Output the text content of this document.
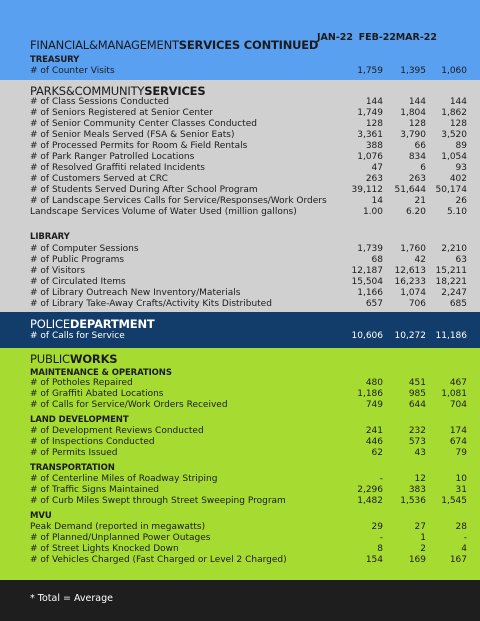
JAN-22 FEB-22 MAR-22
FINANCIAL&MANAGEMENTSERVICES CONTINUED
TREASURY
# of Counter Visits	1,759	1,395	1,060
PARKS&COMMUNITYSERVICES
# of Class Sessions Conducted	144	144	144
# of Seniors Registered at Senior Center	1,749	1,804	1,862
# of Senior Community Center Classes Conducted	128	128	128
# of Senior Meals Served (FSA & Senior Eats)	3,361	3,790	3,520
# of Processed Permits for Room & Field Rentals	388	66	89
# of Park Ranger Patrolled Locations	1,076	834	1,054
# of Resolved Graffiti related Incidents	47	6	93
# of Customers Served at CRC	263	263	402
# of Students Served During After School Program	39,112	51,644	50,174
# of Landscape Services Calls for Service/Responses/Work Orders	14	21	26
Landscape Services Volume of Water Used (million gallons)	1.00	6.20	5.10
LIBRARY
# of Computer Sessions	1,739	1,760	2,210
# of Public Programs	68	42	63
# of Visitors	12,187	12,613	15,211
# of Circulated Items	15,504	16,233	18,221
# of Library Outreach New Inventory/Materials	1,166	1,074	2,247
# of Library Take-Away Crafts/Activity Kits Distributed	657	706	685
POLICEDEPARTMENT
# of Calls for Service	10,606	10,272	11,186
PUBLICWORKS
MAINTENANCE & OPERATIONS
# of Potholes Repaired	480	451	467
# of Graffiti Abated Locations	1,186	985	1,081
# of Calls for Service/Work Orders Received	749	644	704
LAND DEVELOPMENT
# of Development Reviews Conducted	241	232	174
# of Inspections Conducted	446	573	674
# of Permits Issued	62	43	79
TRANSPORTATION
# of Centerline Miles of Roadway Striping	-	12	10
# of Traffic Signs Maintained	2,296	383	31
# of Curb Miles Swept through Street Sweeping Program	1,482	1,536	1,545
MVU
Peak Demand (reported in megawatts)	29	27	28
# of Planned/Unplanned Power Outages	-	1	-
# of Street Lights Knocked Down	8	2	4
# of Vehicles Charged (Fast Charged or Level 2 Charged)	154	169	167
* Total = Average
